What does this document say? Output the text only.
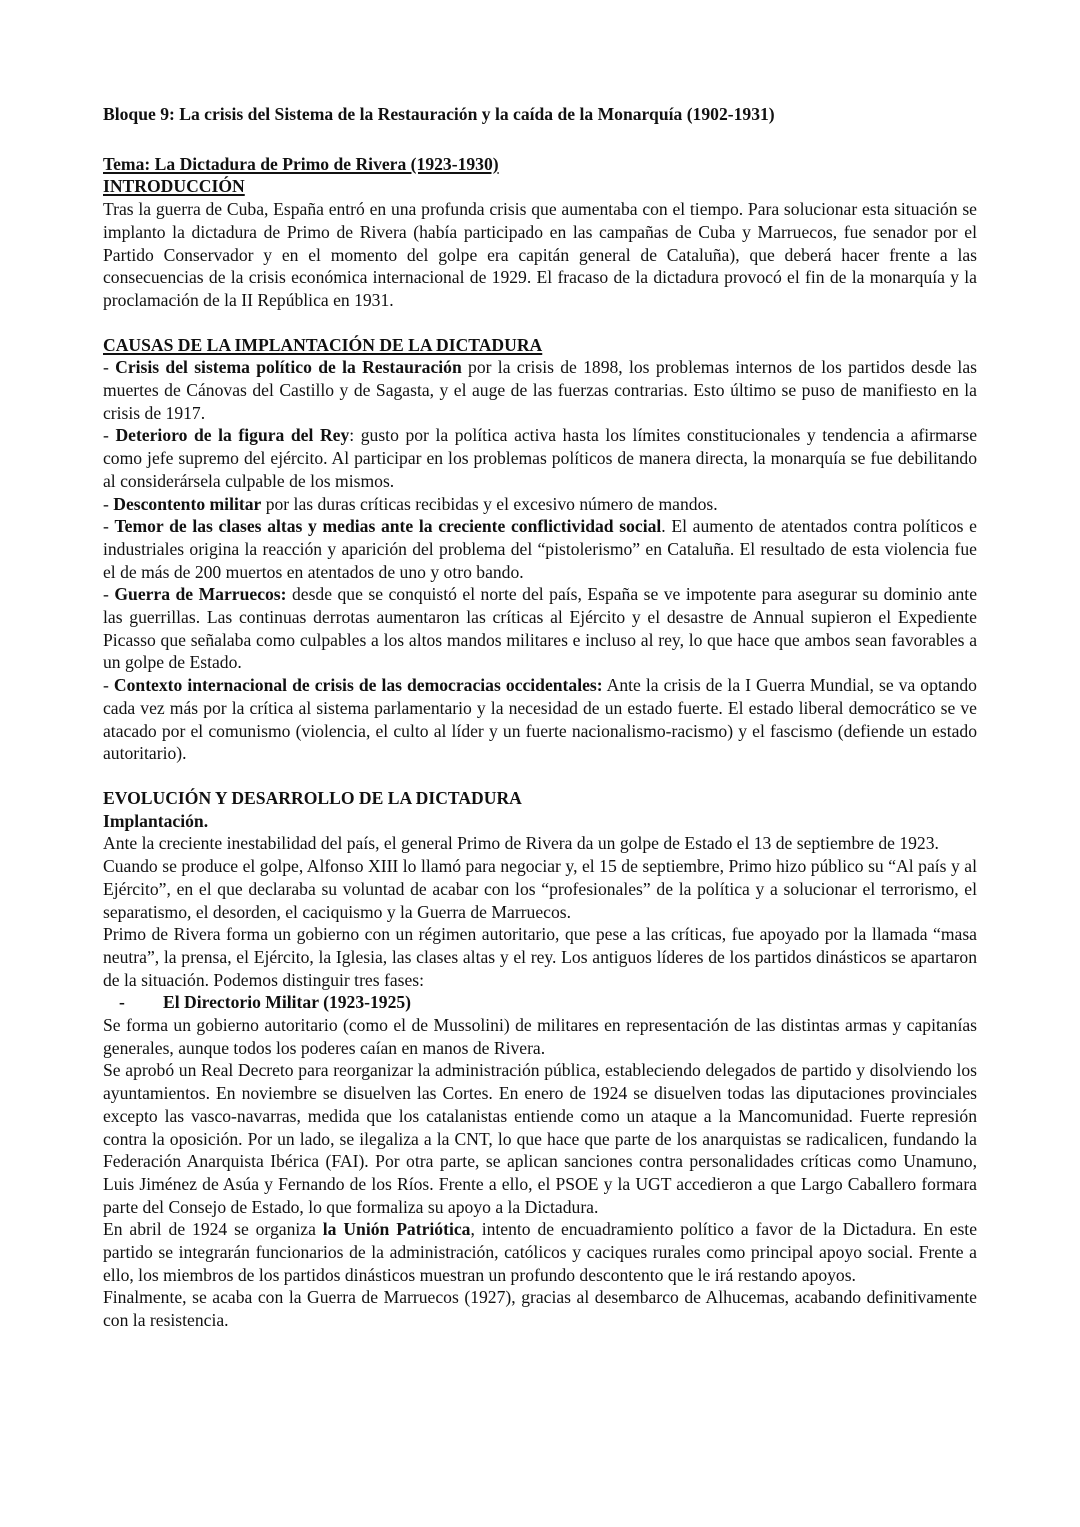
Bloque 9: La crisis del Sistema de la Restauración y la caída de la Monarquía (1902-1931)

Tema: La Dictadura de Primo de Rivera (1923-1930)

INTRODUCCIÓN

Tras la guerra de Cuba, España entró en una profunda crisis que aumentaba con el tiempo. Para solucionar esta situación se implanto la dictadura de Primo de Rivera (había participado en las campañas de Cuba y Marruecos, fue senador por el Partido Conservador y en el momento del golpe era capitán general de Cataluña), que deberá hacer frente a las consecuencias de la crisis económica internacional de 1929. El fracaso de la dictadura provocó el fin de la monarquía y la proclamación de la II República en 1931.

CAUSAS DE LA IMPLANTACIÓN DE LA DICTADURA

- Crisis del sistema político de la Restauración por la crisis de 1898, los problemas internos de los partidos desde las muertes de Cánovas del Castillo y de Sagasta, y el auge de las fuerzas contrarias. Esto último se puso de manifiesto en la crisis de 1917.

- Deterioro de la figura del Rey: gusto por la política activa hasta los límites constitucionales y tendencia a afirmarse como jefe supremo del ejército. Al participar en los problemas políticos de manera directa, la monarquía se fue debilitando al considerársela culpable de los mismos.

- Descontento militar por las duras críticas recibidas y el excesivo número de mandos.

- Temor de las clases altas y medias ante la creciente conflictividad social. El aumento de atentados contra políticos e industriales origina la reacción y aparición del problema del “pistolerismo” en Cataluña. El resultado de esta violencia fue el de más de 200 muertos en atentados de uno y otro bando.

- Guerra de Marruecos: desde que se conquistó el norte del país, España se ve impotente para asegurar su dominio ante las guerrillas. Las continuas derrotas aumentaron las críticas al Ejército y el desastre de Annual supieron el Expediente Picasso que señalaba como culpables a los altos mandos militares e incluso al rey, lo que hace que ambos sean favorables a un golpe de Estado.

- Contexto internacional de crisis de las democracias occidentales: Ante la crisis de la I Guerra Mundial, se va optando cada vez más por la crítica al sistema parlamentario y la necesidad de un estado fuerte. El estado liberal democrático se ve atacado por el comunismo (violencia, el culto al líder y un fuerte nacionalismo-racismo) y el fascismo (defiende un estado autoritario).

EVOLUCIÓN Y DESARROLLO DE LA DICTADURA

Implantación.

Ante la creciente inestabilidad del país, el general Primo de Rivera da un golpe de Estado el 13 de septiembre de 1923.

Cuando se produce el golpe, Alfonso XIII lo llamó para negociar y, el 15 de septiembre, Primo hizo público su “Al país y al Ejército”, en el que declaraba su voluntad de acabar con los “profesionales” de la política y a solucionar el terrorismo, el separatismo, el desorden, el caciquismo y la Guerra de Marruecos.

Primo de Rivera forma un gobierno con un régimen autoritario, que pese a las críticas, fue apoyado por la llamada “masa neutra”, la prensa, el Ejército, la Iglesia, las clases altas y el rey. Los antiguos líderes de los partidos dinásticos se apartaron de la situación. Podemos distinguir tres fases:

- El Directorio Militar (1923-1925)

Se forma un gobierno autoritario (como el de Mussolini) de militares en representación de las distintas armas y capitanías generales, aunque todos los poderes caían en manos de Rivera.

Se aprobó un Real Decreto para reorganizar la administración pública, estableciendo delegados de partido y disolviendo los ayuntamientos. En noviembre se disuelven las Cortes. En enero de 1924 se disuelven todas las diputaciones provinciales excepto las vasco-navarras, medida que los catalanistas entiende como un ataque a la Mancomunidad. Fuerte represión contra la oposición. Por un lado, se ilegaliza a la CNT, lo que hace que parte de los anarquistas se radicalicen, fundando la Federación Anarquista Ibérica (FAI). Por otra parte, se aplican sanciones contra personalidades críticas como Unamuno, Luis Jiménez de Asúa y Fernando de los Ríos. Frente a ello, el PSOE y la UGT accedieron a que Largo Caballero formara parte del Consejo de Estado, lo que formaliza su apoyo a la Dictadura.

En abril de 1924 se organiza la Unión Patriótica, intento de encuadramiento político a favor de la Dictadura. En este partido se integrarán funcionarios de la administración, católicos y caciques rurales como principal apoyo social. Frente a ello, los miembros de los partidos dinásticos muestran un profundo descontento que le irá restando apoyos.

Finalmente, se acaba con la Guerra de Marruecos (1927), gracias al desembarco de Alhucemas, acabando definitivamente con la resistencia.
